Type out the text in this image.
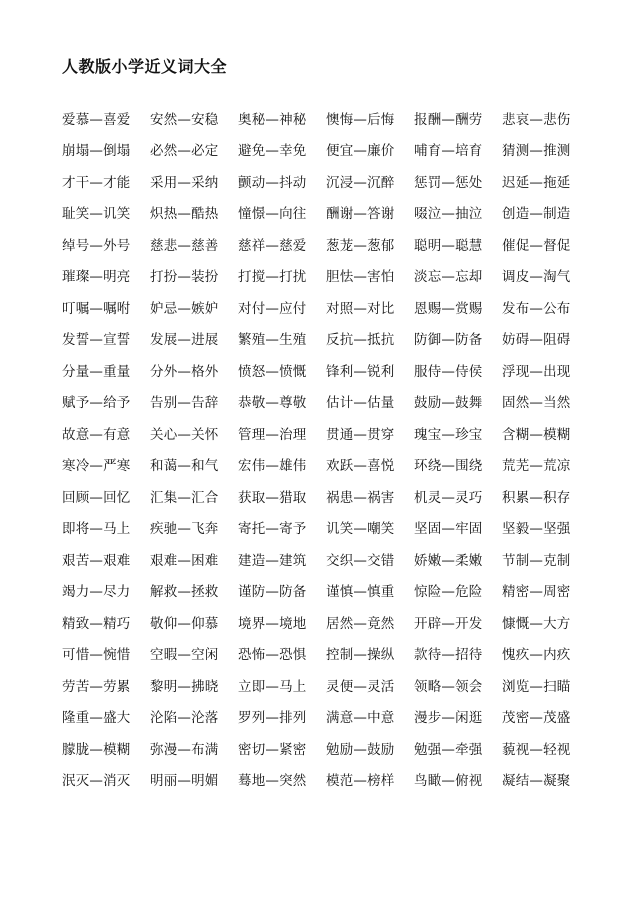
人教版小学近义词大全
爱慕—喜爱	安然—安稳	奥秘—神秘	懊悔—后悔	报酬—酬劳	悲哀—悲伤
崩塌—倒塌	必然—必定	避免—幸免	便宜—廉价	哺育—培育	猜测—推测
才干—才能	采用—采纳	颤动—抖动	沉浸—沉醉	惩罚—惩处	迟延—拖延
耻笑—讥笑	炽热—酷热	憧憬—向往	酬谢—答谢	啜泣—抽泣	创造—制造
绰号—外号	慈悲—慈善	慈祥—慈爱	葱茏—葱郁	聪明—聪慧	催促—督促
璀璨—明亮	打扮—装扮	打搅—打扰	胆怯—害怕	淡忘—忘却	调皮—淘气
叮嘱—嘱咐	妒忌—嫉妒	对付—应付	对照—对比	恩赐—赏赐	发布—公布
发誓—宣誓	发展—进展	繁殖—生殖	反抗—抵抗	防御—防备	妨碍—阻碍
分量—重量	分外—格外	愤怒—愤慨	锋利—锐利	服侍—侍侯	浮现—出现
赋予—给予	告别—告辞	恭敬—尊敬	估计—估量	鼓励—鼓舞	固然—当然
故意—有意	关心—关怀	管理—治理	贯通—贯穿	瑰宝—珍宝	含糊—模糊
寒冷—严寒	和蔼—和气	宏伟—雄伟	欢跃—喜悦	环绕—围绕	荒芜—荒凉
回顾—回忆	汇集—汇合	获取—猎取	祸患—祸害	机灵—灵巧	积累—积存
即将—马上	疾驰—飞奔	寄托—寄予	讥笑—嘲笑	坚固—牢固	坚毅—坚强
艰苦—艰难	艰难—困难	建造—建筑	交织—交错	娇嫩—柔嫩	节制—克制
竭力—尽力	解救—拯救	谨防—防备	谨慎—慎重	惊险—危险	精密—周密
精致—精巧	敬仰—仰慕	境界—境地	居然—竟然	开辟—开发	慷慨—大方
可惜—惋惜	空暇—空闲	恐怖—恐惧	控制—操纵	款待—招待	愧疚—内疚
劳苦—劳累	黎明—拂晓	立即—马上	灵便—灵活	领略—领会	浏览—扫瞄
隆重—盛大	沦陷—沦落	罗列—排列	满意—中意	漫步—闲逛	茂密—茂盛
朦胧—模糊	弥漫—布满	密切—紧密	勉励—鼓励	勉强—牵强	藐视—轻视
泯灭—消灭	明丽—明媚	蓦地—突然	模范—榜样	鸟瞰—俯视	凝结—凝聚
